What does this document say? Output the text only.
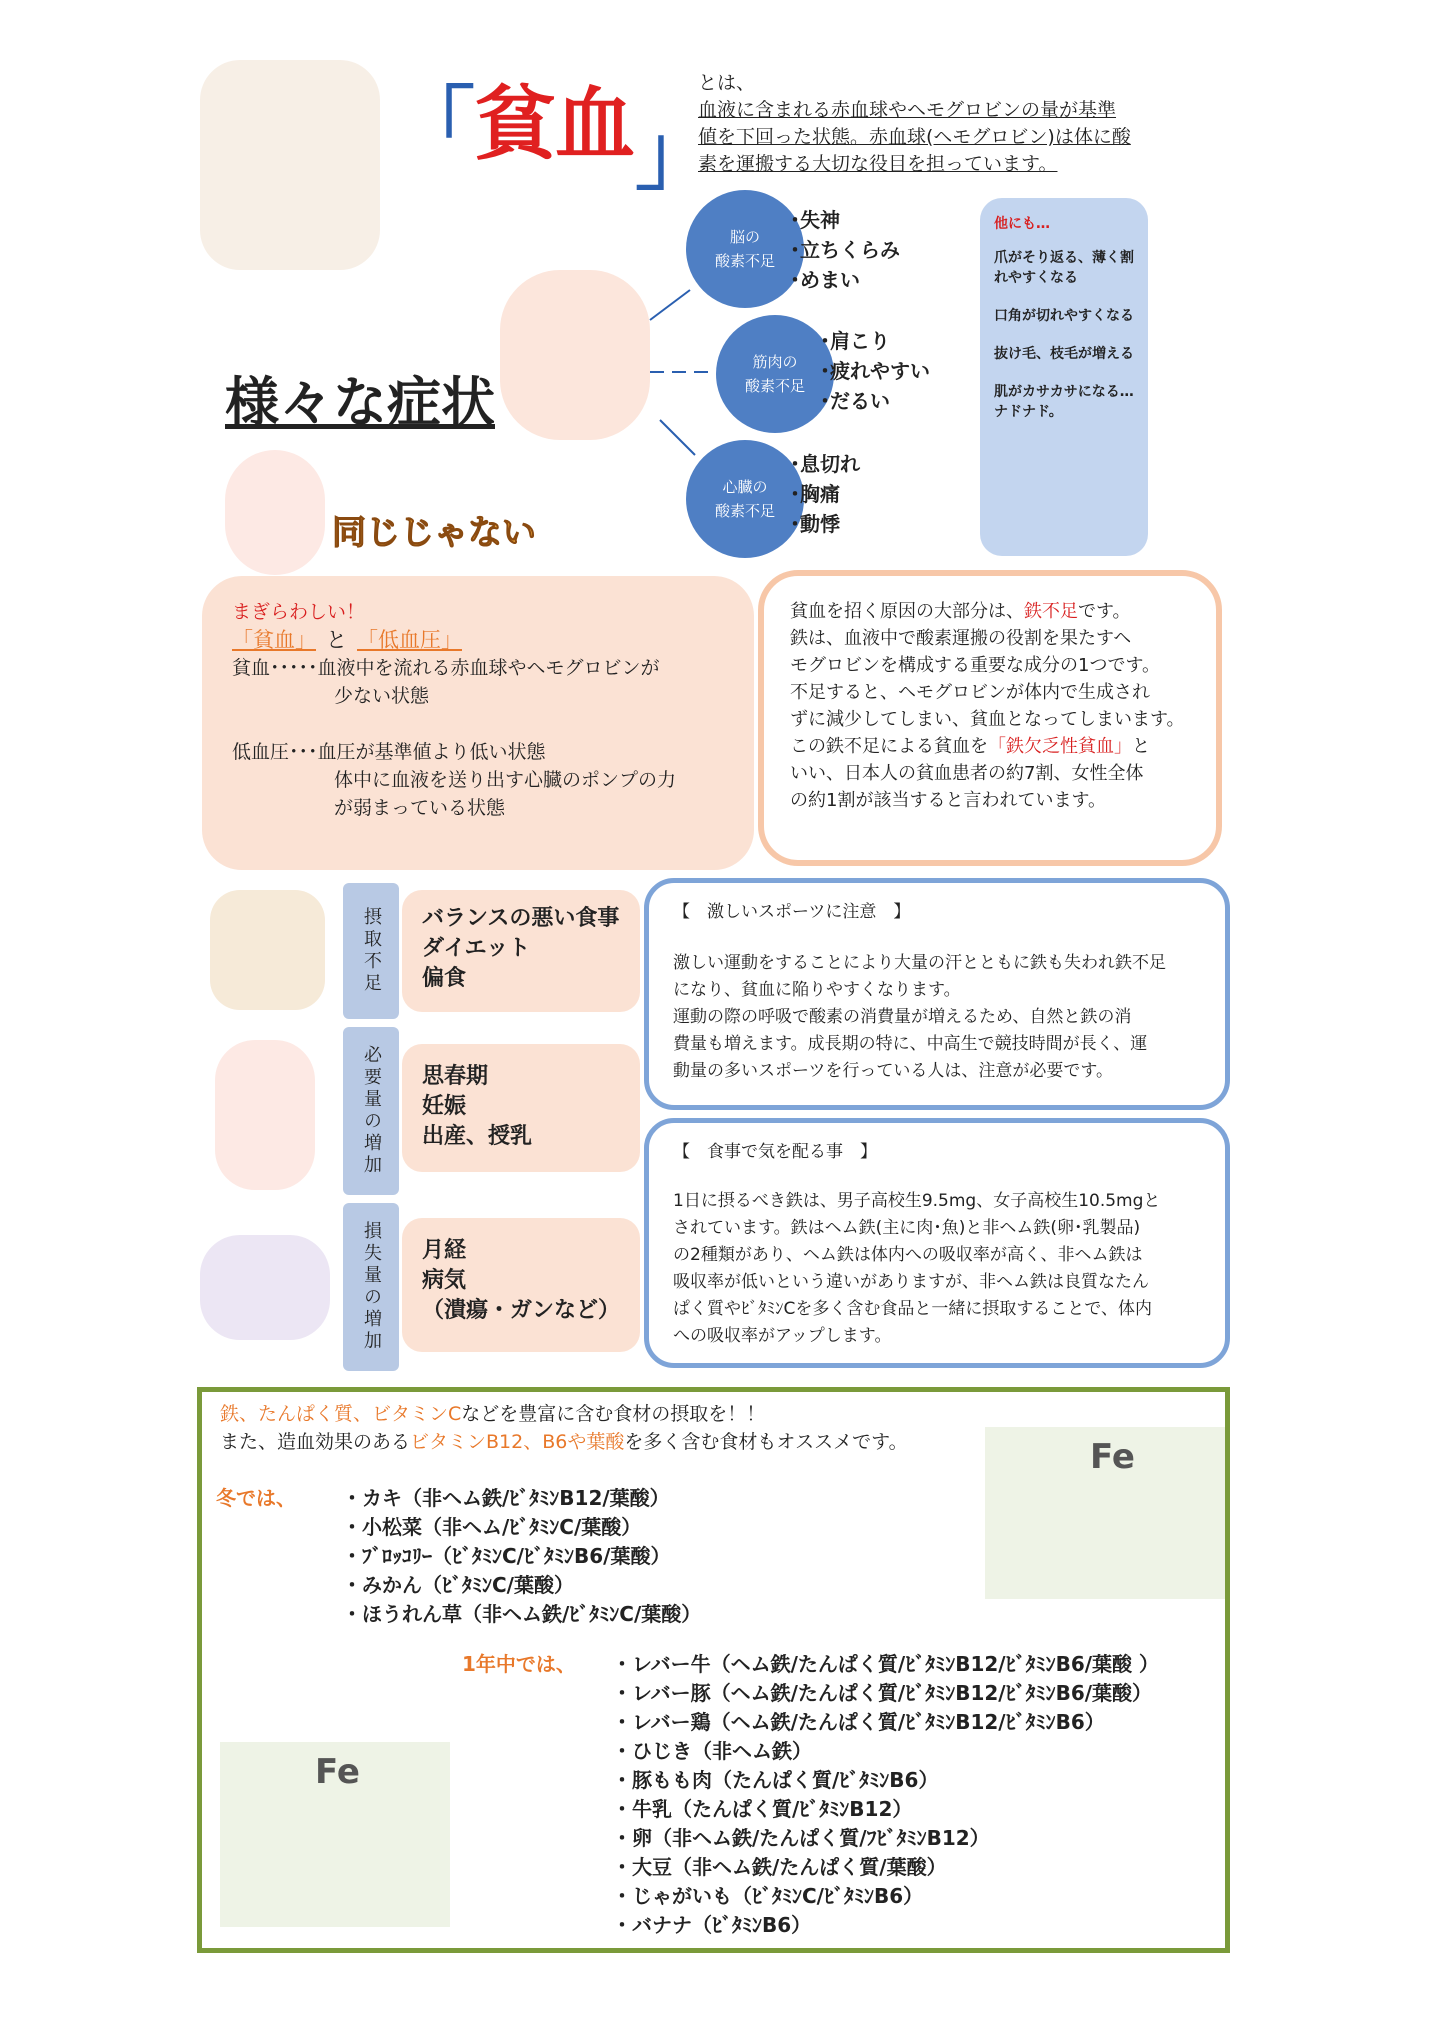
「貧血」
とは、
血液に含まれる赤血球やヘモグロビンの量が基準
値を下回った状態。赤血球(ヘモグロビン)は体に酸
素を運搬する大切な役目を担っています。
様々な症状
脳の
酸素不足
･失神
･立ちくらみ
･めまい
筋肉の
酸素不足
･肩こり
･疲れやすい
･だるい
心臓の
酸素不足
･息切れ
･胸痛
･動悸
他にも…
爪がそり返る、薄く割れやすくなる
口角が切れやすくなる
抜け毛、枝毛が増える
肌がカサカサになる…
ナドナド。
同じじゃない
まぎらわしい！
「貧血」 と 「低血圧」
貧血･････血液中を流れる赤血球やヘモグロビンが
少ない状態
低血圧･･･血圧が基準値より低い状態
体中に血液を送り出す心臓のポンプの力
が弱まっている状態
貧血を招く原因の大部分は、鉄不足です。
鉄は、血液中で酸素運搬の役割を果たすヘ
モグロビンを構成する重要な成分の1つです。
不足すると、ヘモグロビンが体内で生成され
ずに減少してしまい、貧血となってしまいます。
この鉄不足による貧血を「鉄欠乏性貧血」と
いい、日本人の貧血患者の約7割、女性全体
の約1割が該当すると言われています。
摂取不足	バランスの悪い食事
ダイエット
偏食
必要量の増加	思春期
妊娠
出産、授乳
損失量の増加	月経
病気
（潰瘍・ガンなど）
【　激しいスポーツに注意　】
激しい運動をすることにより大量の汗とともに鉄も失われ鉄不足
になり、貧血に陥りやすくなります。
運動の際の呼吸で酸素の消費量が増えるため、自然と鉄の消
費量も増えます。成長期の特に、中高生で競技時間が長く、運
動量の多いスポーツを行っている人は、注意が必要です。
【　食事で気を配る事　】
1日に摂るべき鉄は、男子高校生9.5mg、女子高校生10.5mgと
されています。鉄はヘム鉄(主に肉･魚)と非ヘム鉄(卵･乳製品)
の2種類があり、ヘム鉄は体内への吸収率が高く、非ヘム鉄は
吸収率が低いという違いがありますが、非ヘム鉄は良質なたん
ぱく質やﾋﾞﾀﾐﾝCを多く含む食品と一緒に摂取することで、体内
への吸収率がアップします。
鉄、たんぱく質、ビタミンCなどを豊富に含む食材の摂取を！！
また、造血効果のあるビタミンB12、B6や葉酸を多く含む食材もオススメです。
冬では、 ・カキ（非ヘム鉄/ﾋﾞﾀﾐﾝB12/葉酸）
・小松菜（非ヘム/ﾋﾞﾀﾐﾝC/葉酸）
・ﾌﾞﾛｯｺﾘｰ（ﾋﾞﾀﾐﾝC/ﾋﾞﾀﾐﾝB6/葉酸）
・みかん（ﾋﾞﾀﾐﾝC/葉酸）
・ほうれん草（非ヘム鉄/ﾋﾞﾀﾐﾝC/葉酸）
1年中では、 ・レバー牛（ヘム鉄/たんぱく質/ﾋﾞﾀﾐﾝB12/ﾋﾞﾀﾐﾝB6/葉酸 ）
・レバー豚（ヘム鉄/たんぱく質/ﾋﾞﾀﾐﾝB12/ﾋﾞﾀﾐﾝB6/葉酸）
・レバー鶏（ヘム鉄/たんぱく質/ﾋﾞﾀﾐﾝB12/ﾋﾞﾀﾐﾝB6）
・ひじき（非ヘム鉄）
・豚もも肉（たんぱく質/ﾋﾞﾀﾐﾝB6）
・牛乳（たんぱく質/ﾋﾞﾀﾐﾝB12）
・卵（非ヘム鉄/たんぱく質/ﾌﾋﾞﾀﾐﾝB12）
・大豆（非ヘム鉄/たんぱく質/葉酸）
・じゃがいも（ﾋﾞﾀﾐﾝC/ﾋﾞﾀﾐﾝB6）
・バナナ（ﾋﾞﾀﾐﾝB6）
Fe
Fe
